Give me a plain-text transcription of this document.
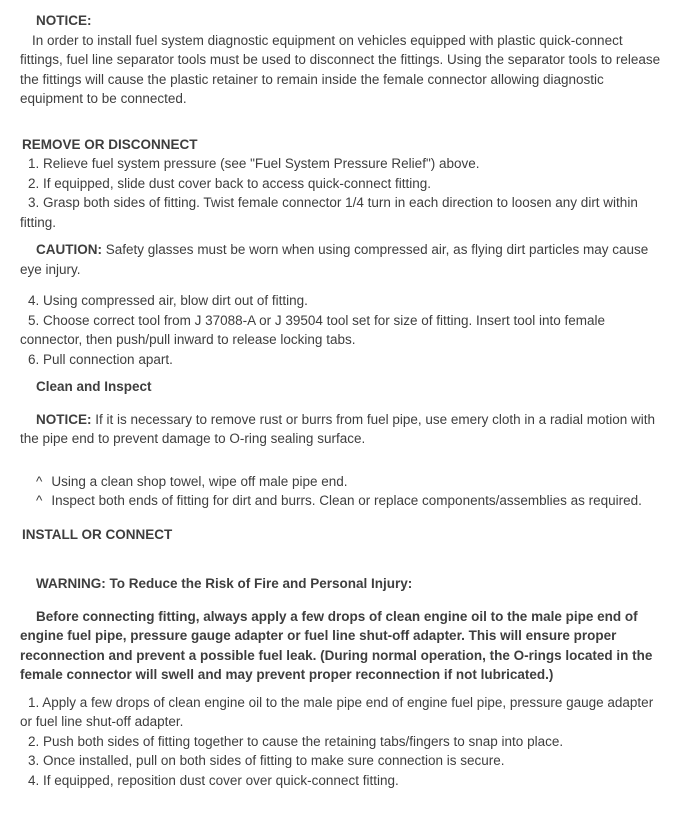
NOTICE:

In order to install fuel system diagnostic equipment on vehicles equipped with plastic quick-connect fittings, fuel line separator tools must be used to disconnect the fittings. Using the separator tools to release the fittings will cause the plastic retainer to remain inside the female connector allowing diagnostic equipment to be connected.

REMOVE OR DISCONNECT

1. Relieve fuel system pressure (see "Fuel System Pressure Relief") above.

2. If equipped, slide dust cover back to access quick-connect fitting.

3. Grasp both sides of fitting. Twist female connector 1/4 turn in each direction to loosen any dirt within fitting.

CAUTION: Safety glasses must be worn when using compressed air, as flying dirt particles may cause eye injury.

4. Using compressed air, blow dirt out of fitting.

5. Choose correct tool from J 37088-A or J 39504 tool set for size of fitting. Insert tool into female connector, then push/pull inward to release locking tabs.

6. Pull connection apart.

Clean and Inspect

NOTICE: If it is necessary to remove rust or burrs from fuel pipe, use emery cloth in a radial motion with the pipe end to prevent damage to O-ring sealing surface.

^ Using a clean shop towel, wipe off male pipe end.

^ Inspect both ends of fitting for dirt and burrs. Clean or replace components/assemblies as required.

INSTALL OR CONNECT

WARNING: To Reduce the Risk of Fire and Personal Injury:

Before connecting fitting, always apply a few drops of clean engine oil to the male pipe end of engine fuel pipe, pressure gauge adapter or fuel line shut-off adapter. This will ensure proper reconnection and prevent a possible fuel leak. (During normal operation, the O-rings located in the female connector will swell and may prevent proper reconnection if not lubricated.)

1. Apply a few drops of clean engine oil to the male pipe end of engine fuel pipe, pressure gauge adapter or fuel line shut-off adapter.

2. Push both sides of fitting together to cause the retaining tabs/fingers to snap into place.

3. Once installed, pull on both sides of fitting to make sure connection is secure.

4. If equipped, reposition dust cover over quick-connect fitting.
